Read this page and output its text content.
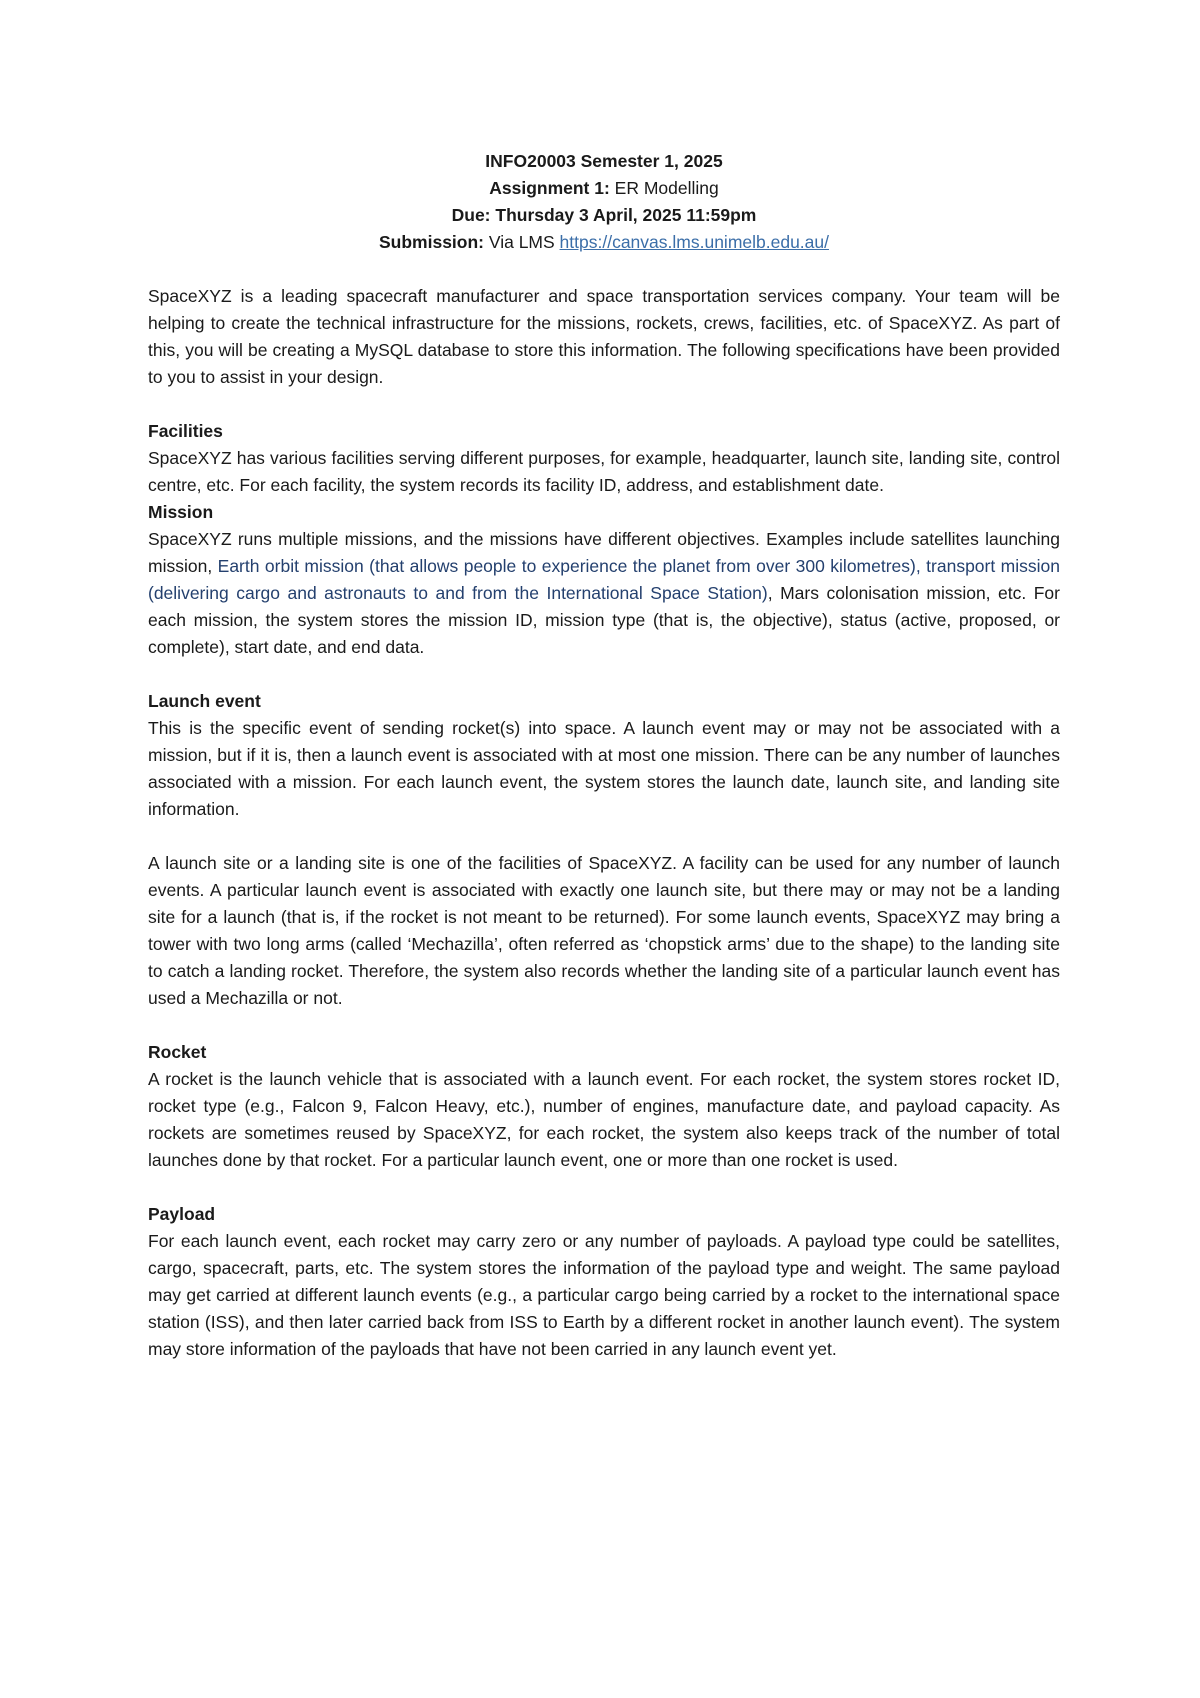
INFO20003 Semester 1, 2025
Assignment 1: ER Modelling
Due: Thursday 3 April, 2025 11:59pm
Submission: Via LMS https://canvas.lms.unimelb.edu.au/

SpaceXYZ is a leading spacecraft manufacturer and space transportation services company. Your team will be helping to create the technical infrastructure for the missions, rockets, crews, facilities, etc. of SpaceXYZ. As part of this, you will be creating a MySQL database to store this information. The following specifications have been provided to you to assist in your design.

Facilities

SpaceXYZ has various facilities serving different purposes, for example, headquarter, launch site, landing site, control centre, etc. For each facility, the system records its facility ID, address, and establishment date.

Mission

SpaceXYZ runs multiple missions, and the missions have different objectives. Examples include satellites launching mission, Earth orbit mission (that allows people to experience the planet from over 300 kilometres), transport mission (delivering cargo and astronauts to and from the International Space Station), Mars colonisation mission, etc. For each mission, the system stores the mission ID, mission type (that is, the objective), status (active, proposed, or complete), start date, and end data.

Launch event

This is the specific event of sending rocket(s) into space. A launch event may or may not be associated with a mission, but if it is, then a launch event is associated with at most one mission. There can be any number of launches associated with a mission. For each launch event, the system stores the launch date, launch site, and landing site information.

A launch site or a landing site is one of the facilities of SpaceXYZ. A facility can be used for any number of launch events. A particular launch event is associated with exactly one launch site, but there may or may not be a landing site for a launch (that is, if the rocket is not meant to be returned). For some launch events, SpaceXYZ may bring a tower with two long arms (called ‘Mechazilla’, often referred as ‘chopstick arms’ due to the shape) to the landing site to catch a landing rocket. Therefore, the system also records whether the landing site of a particular launch event has used a Mechazilla or not.

Rocket

A rocket is the launch vehicle that is associated with a launch event. For each rocket, the system stores rocket ID, rocket type (e.g., Falcon 9, Falcon Heavy, etc.), number of engines, manufacture date, and payload capacity. As rockets are sometimes reused by SpaceXYZ, for each rocket, the system also keeps track of the number of total launches done by that rocket. For a particular launch event, one or more than one rocket is used.

Payload

For each launch event, each rocket may carry zero or any number of payloads. A payload type could be satellites, cargo, spacecraft, parts, etc. The system stores the information of the payload type and weight. The same payload may get carried at different launch events (e.g., a particular cargo being carried by a rocket to the international space station (ISS), and then later carried back from ISS to Earth by a different rocket in another launch event). The system may store information of the payloads that have not been carried in any launch event yet.
